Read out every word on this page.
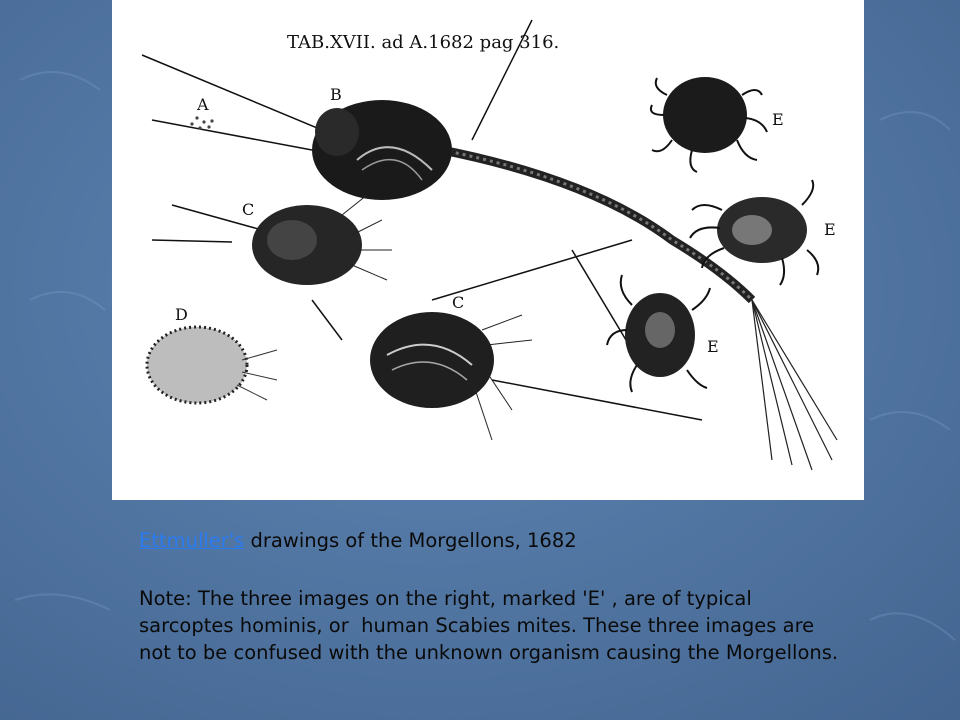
TAB.XVII. ad A.1682 pag 316.
A
B
C
C
D
E
E
E
Ettmuller's drawings of the Morgellons, 1682
Note: The three images on the right, marked 'E' , are of typical sarcoptes hominis, or  human Scabies mites. These three images are not to be confused with the unknown organism causing the Morgellons.
